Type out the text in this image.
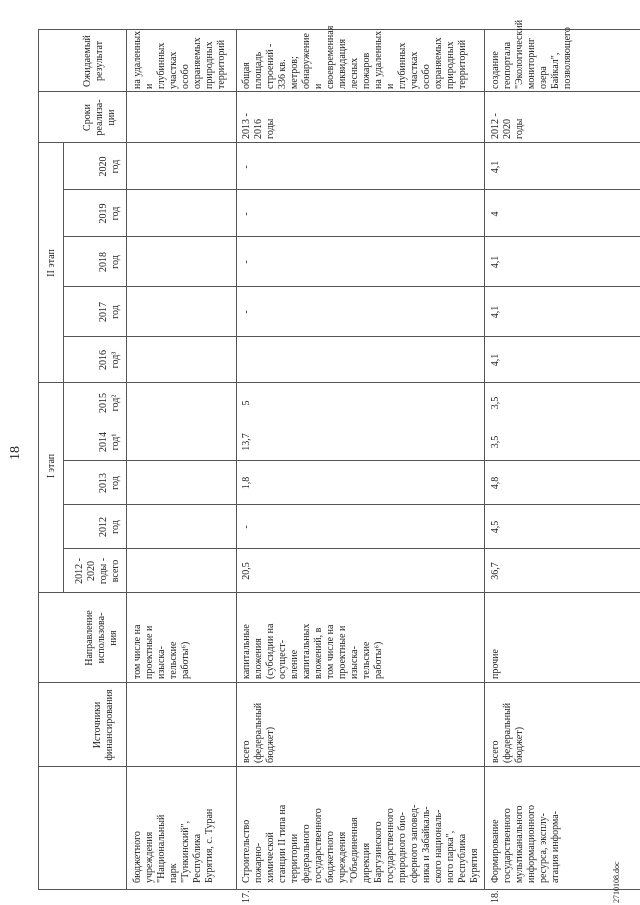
18
Источники
финансирования
Направление
использова-
ния
2012 -
2020
годы -
всего
I этап
II этап
2012
год
2013
год
2014
год¹
2015
год²
2016
год³
2017
год
2018
год
2019
год
2020
год
Сроки
реализа-
ции
Ожидаемый
результат
бюджетного
учреждения
"Национальный
парк
"Тункинский",
Республика
Бурятия, с. Туран
том числе на
проектные и
изыска-
тельские
работы⁶)
на удаленных и
глубинных
участках особо
охраняемых
природных
территорий
17.
Строительство
пожарно-
химической
станции II типа на
территории
федерального
государственного
бюджетного
учреждения
"Объединенная
дирекция
Баргузинского
государственного
природного био-
сферного заповед-
ника и Забайкаль-
ского националь-
ного парка",
Республика
Бурятия
всего
(федеральный
бюджет)
капитальные
вложения
(субсидии на
осущест-
вление
капитальных
вложений, в
том числе на
проектные и
изыска-
тельские
работы⁶)
20,5
-
1,8
13,7
5
-
-
-
-
2013 -
2016
годы
общая площадь
строений -
336 кв. метров;
обнаружение и
своевременная
ликвидация
лесных пожаров
на удаленных и
глубинных
участках особо
охраняемых
природных
территорий
18.
Формирование
государственного
мультиканального
информационного
ресурса, эксплу-
атация информа-
всего
(федеральный
бюджет)
прочие
36,7
4,5
4,8
3,5
3,5
4,1
4,1
4,1
4
4,1
2012 -
2020
годы
создание
геопортала
"Экологический
мониторинг
озера Байкал",
позволяющего
2710108.doc
